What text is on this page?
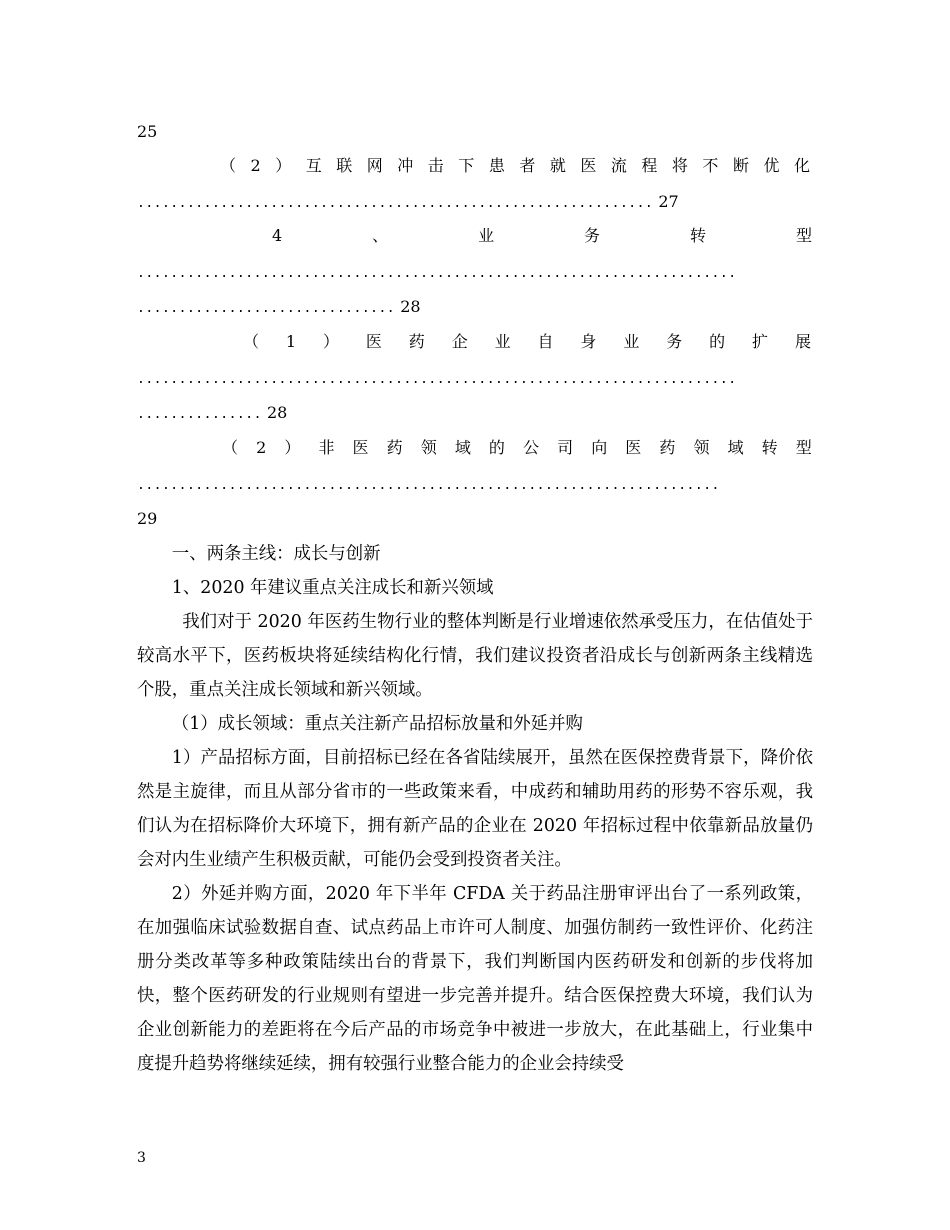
25
（ 2 ） 互 联 网 冲 击 下 患 者 就 医 流 程 将 不 断 优 化
.............................................................. 27
4	、	业	务	转	型
........................................................................
............................... 28
（ 1 ） 医 药 企 业 自 身 业 务 的 扩 展
........................................................................
............... 28
（ 2 ） 非 医 药 领 域 的 公 司 向 医 药 领 域 转 型
......................................................................
29

一、两条主线：成长与创新

1、2020 年建议重点关注成长和新兴领域

我们对于 2020 年医药生物行业的整体判断是行业增速依然承受压力，在估值处于较高水平下，医药板块将延续结构化行情，我们建议投资者沿成长与创新两条主线精选个股，重点关注成长领域和新兴领域。

（1）成长领域：重点关注新产品招标放量和外延并购

1）产品招标方面，目前招标已经在各省陆续展开，虽然在医保控费背景下，降价依然是主旋律，而且从部分省市的一些政策来看，中成药和辅助用药的形势不容乐观，我们认为在招标降价大环境下，拥有新产品的企业在 2020 年招标过程中依靠新品放量仍会对内生业绩产生积极贡献，可能仍会受到投资者关注。

2）外延并购方面，2020 年下半年 CFDA 关于药品注册审评出台了一系列政策，在加强临床试验数据自查、试点药品上市许可人制度、加强仿制药一致性评价、化药注册分类改革等多种政策陆续出台的背景下，我们判断国内医药研发和创新的步伐将加快，整个医药研发的行业规则有望进一步完善并提升。结合医保控费大环境，我们认为企业创新能力的差距将在今后产品的市场竞争中被进一步放大，在此基础上，行业集中度提升趋势将继续延续，拥有较强行业整合能力的企业会持续受

3
